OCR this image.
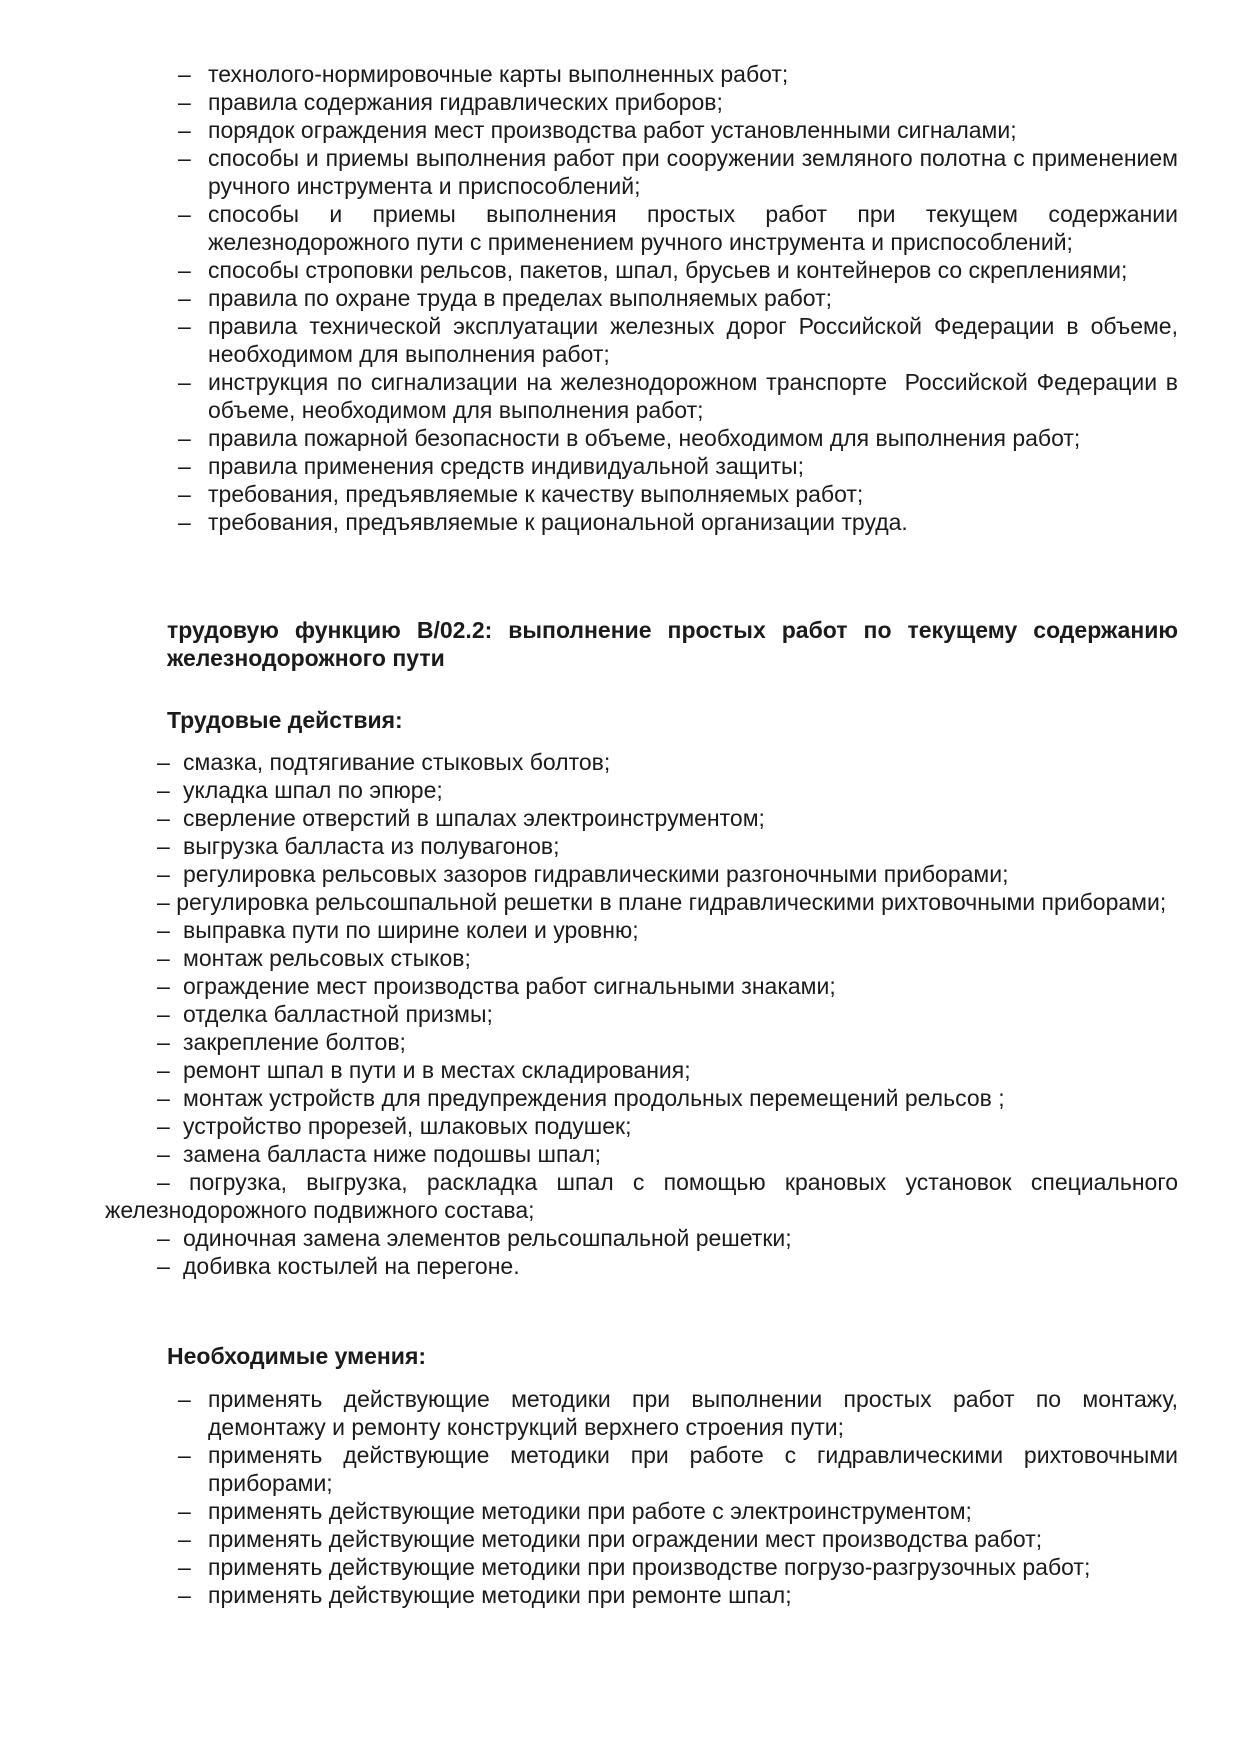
– технолого-нормировочные карты выполненных работ;
– правила содержания гидравлических приборов;
– порядок ограждения мест производства работ установленными сигналами;
– способы и приемы выполнения работ при сооружении земляного полотна с применением ручного инструмента и приспособлений;
– способы и приемы выполнения простых работ при текущем содержании железнодорожного пути с применением ручного инструмента и приспособлений;
– способы строповки рельсов, пакетов, шпал, брусьев и контейнеров со скреплениями;
– правила по охране труда в пределах выполняемых работ;
– правила технической эксплуатации железных дорог Российской Федерации в объеме, необходимом для выполнения работ;
– инструкция по сигнализации на железнодорожном транспорте  Российской Федерации в объеме, необходимом для выполнения работ;
– правила пожарной безопасности в объеме, необходимом для выполнения работ;
– правила применения средств индивидуальной защиты;
– требования, предъявляемые к качеству выполняемых работ;
– требования, предъявляемые к рациональной организации труда.
трудовую функцию В/02.2: выполнение простых работ по текущему содержанию железнодорожного пути
Трудовые действия:
– смазка, подтягивание стыковых болтов;
– укладка шпал по эпюре;
– сверление отверстий в шпалах электроинструментом;
– выгрузка балласта из полувагонов;
– регулировка рельсовых зазоров гидравлическими разгоночными приборами;
– регулировка рельсошпальной решетки в плане гидравлическими рихтовочными приборами;
– выправка пути по ширине колеи и уровню;
– монтаж рельсовых стыков;
– ограждение мест производства работ сигнальными знаками;
– отделка балластной призмы;
– закрепление болтов;
– ремонт шпал в пути и в местах складирования;
– монтаж устройств для предупреждения продольных перемещений рельсов ;
– устройство прорезей, шлаковых подушек;
– замена балласта ниже подошвы шпал;
– погрузка, выгрузка, раскладка шпал с помощью крановых установок специального железнодорожного подвижного состава;
– одиночная замена элементов рельсошпальной решетки;
– добивка костылей на перегоне.
Необходимые умения:
– применять действующие методики при выполнении простых работ по монтажу, демонтажу и ремонту конструкций верхнего строения пути;
– применять действующие методики при работе с гидравлическими рихтовочными приборами;
– применять действующие методики при работе с электроинструментом;
– применять действующие методики при ограждении мест производства работ;
– применять действующие методики при производстве погрузо-разгрузочных работ;
– применять действующие методики при ремонте шпал;
